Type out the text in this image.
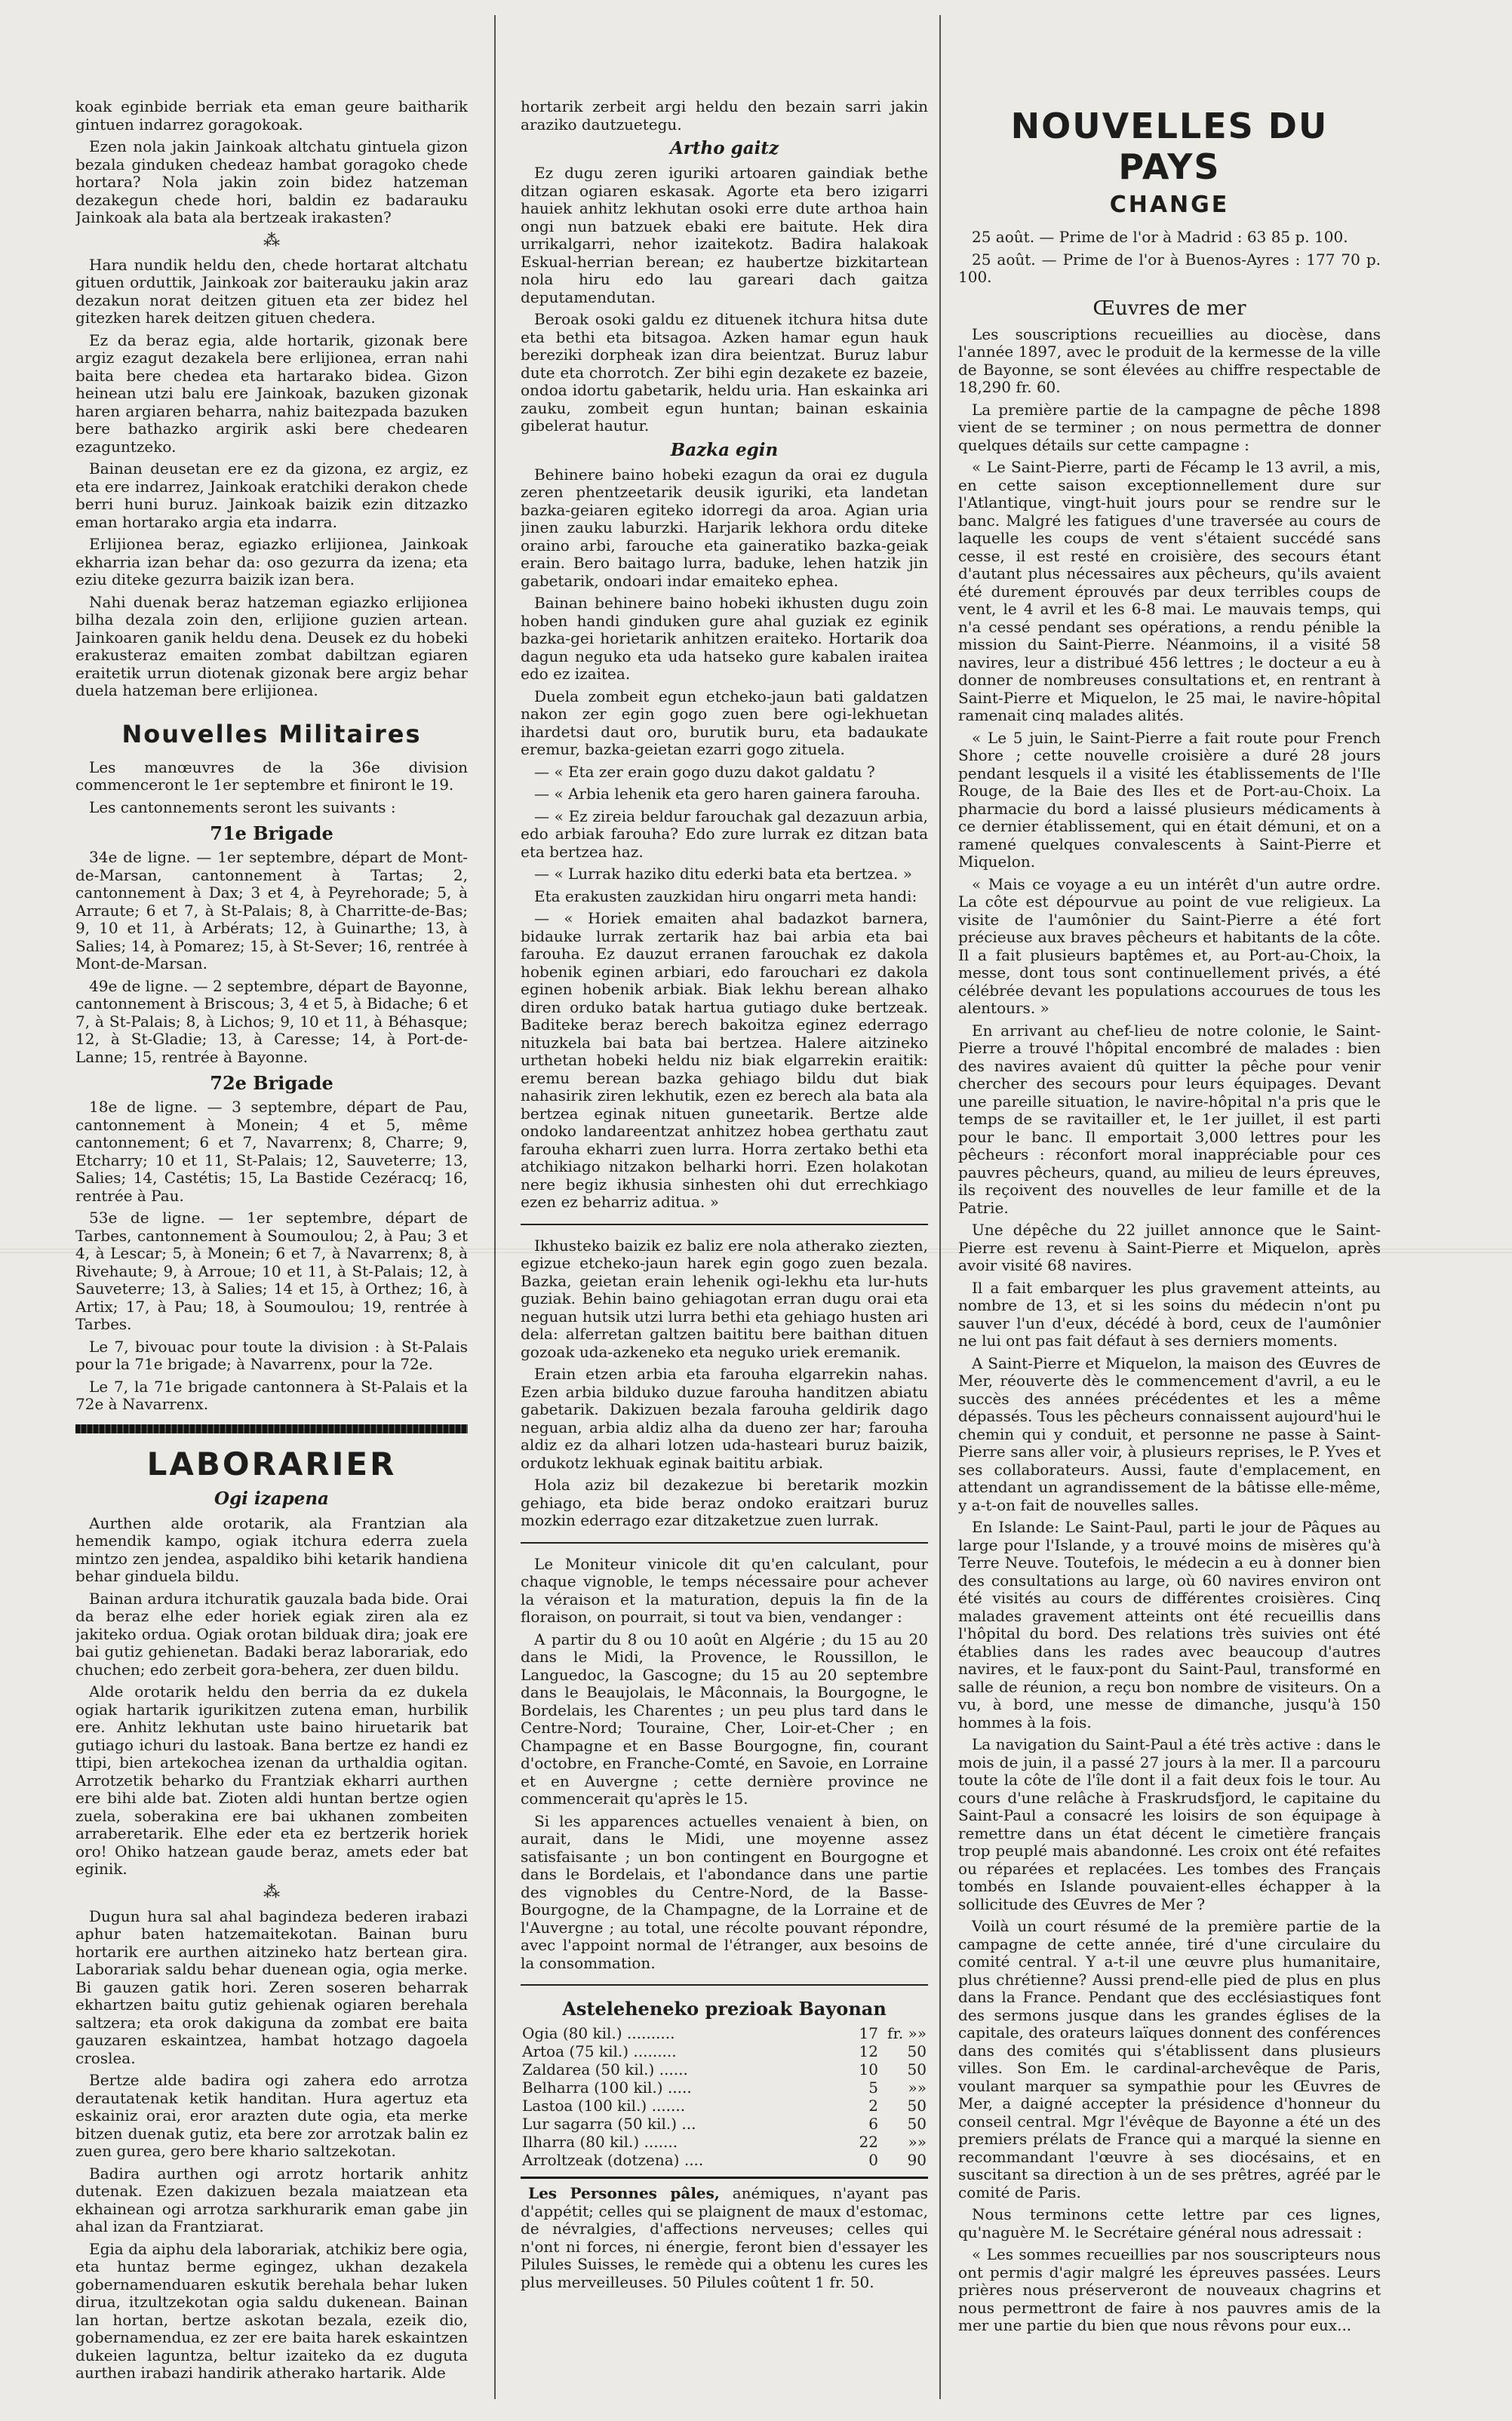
koak eginbide berriak eta eman geure baitharik gintuen indarrez goragokoak.

Ezen nola jakin Jainkoak altchatu gintuela gizon bezala ginduken chedeaz hambat goragoko chede hortara? Nola jakin zoin bidez hatzeman dezakegun chede hori, baldin ez badarauku Jainkoak ala bata ala bertzeak irakasten?

⁂

Hara nundik heldu den, chede hortarat altchatu gituen orduttik, Jainkoak zor baiterauku jakin araz dezakun norat deitzen gituen eta zer bidez hel gitezken harek deitzen gituen chedera.

Ez da beraz egia, alde hortarik, gizonak bere argiz ezagut dezakela bere erlijionea, erran nahi baita bere chedea eta hartarako bidea. Gizon heinean utzi balu ere Jainkoak, bazuken gizonak haren argiaren beharra, nahiz baitezpada bazuken bere bathazko argirik aski bere chedearen ezaguntzeko.

Bainan deusetan ere ez da gizona, ez argiz, ez eta ere indarrez, Jainkoak eratchiki derakon chede berri huni buruz. Jainkoak baizik ezin ditzazko eman hortarako argia eta indarra.

Erlijionea beraz, egiazko erlijionea, Jainkoak ekharria izan behar da: oso gezurra da izena; eta eziu diteke gezurra baizik izan bera.

Nahi duenak beraz hatzeman egiazko erlijionea bilha dezala zoin den, erlijione guzien artean. Jainkoaren ganik heldu dena. Deusek ez du hobeki erakusteraz emaiten zombat dabiltzan egiaren eraitetik urrun diotenak gizonak bere argiz behar duela hatzeman bere erlijionea.

Nouvelles Militaires

Les manœuvres de la 36e division commenceront le 1er septembre et finiront le 19.

Les cantonnements seront les suivants :

71e Brigade

34e de ligne. — 1er septembre, départ de Mont-de-Marsan, cantonnement à Tartas; 2, cantonnement à Dax; 3 et 4, à Peyrehorade; 5, à Arraute; 6 et 7, à St-Palais; 8, à Charritte-de-Bas; 9, 10 et 11, à Arbérats; 12, à Guinarthe; 13, à Salies; 14, à Pomarez; 15, à St-Sever; 16, rentrée à Mont-de-Marsan.

49e de ligne. — 2 septembre, départ de Bayonne, cantonnement à Briscous; 3, 4 et 5, à Bidache; 6 et 7, à St-Palais; 8, à Lichos; 9, 10 et 11, à Béhasque; 12, à St-Gladie; 13, à Caresse; 14, à Port-de-Lanne; 15, rentrée à Bayonne.

72e Brigade

18e de ligne. — 3 septembre, départ de Pau, cantonnement à Monein; 4 et 5, même cantonnement; 6 et 7, Navarrenx; 8, Charre; 9, Etcharry; 10 et 11, St-Palais; 12, Sauveterre; 13, Salies; 14, Castétis; 15, La Bastide Cezéracq; 16, rentrée à Pau.

53e de ligne. — 1er septembre, départ de Tarbes, cantonnement à Soumoulou; 2, à Pau; 3 et 4, à Lescar; 5, à Monein; 6 et 7, à Navarrenx; 8, à Rivehaute; 9, à Arroue; 10 et 11, à St-Palais; 12, à Sauveterre; 13, à Salies; 14 et 15, à Orthez; 16, à Artix; 17, à Pau; 18, à Soumoulou; 19, rentrée à Tarbes.

Le 7, bivouac pour toute la division : à St-Palais pour la 71e brigade; à Navarrenx, pour la 72e.

Le 7, la 71e brigade cantonnera à St-Palais et la 72e à Navarrenx.

LABORARIER
Ogi izapena

Aurthen alde orotarik, ala Frantzian ala hemendik kampo, ogiak itchura ederra zuela mintzo zen jendea, aspaldiko bihi ketarik handiena behar ginduela bildu.

Bainan ardura itchuratik gauzala bada bide. Orai da beraz elhe eder horiek egiak ziren ala ez jakiteko ordua. Ogiak orotan bilduak dira; joak ere bai gutiz gehienetan. Badaki beraz laborariak, edo chuchen; edo zerbeit gora-behera, zer duen bildu.

Alde orotarik heldu den berria da ez dukela ogiak hartarik igurikitzen zutena eman, hurbilik ere. Anhitz lekhutan uste baino hiruetarik bat gutiago ichuri du lastoak. Bana bertze ez handi ez ttipi, bien artekochea izenan da urthaldia ogitan. Arrotzetik beharko du Frantziak ekharri aurthen ere bihi alde bat. Zioten aldi huntan bertze ogien zuela, soberakina ere bai ukhanen zombeiten arraberetarik. Elhe eder eta ez bertzerik horiek oro! Ohiko hatzean gaude beraz, amets eder bat eginik.

⁂

Dugun hura sal ahal bagindeza bederen irabazi aphur baten hatzemaitekotan. Bainan buru hortarik ere aurthen aitzineko hatz bertean gira. Laborariak saldu behar duenean ogia, ogia merke. Bi gauzen gatik hori. Zeren soseren beharrak ekhartzen baitu gutiz gehienak ogiaren berehala saltzera; eta orok dakiguna da zombat ere baita gauzaren eskaintzea, hambat hotzago dagoela croslea.

Bertze alde badira ogi zahera edo arrotza derautatenak ketik handitan. Hura agertuz eta eskainiz orai, eror arazten dute ogia, eta merke bitzen duenak gutiz, eta bere zor arrotzak balin ez zuen gurea, gero bere khario saltzekotan.

Badira aurthen ogi arrotz hortarik anhitz dutenak. Ezen dakizuen bezala maiatzean eta ekhainean ogi arrotza sarkhurarik eman gabe jin ahal izan da Frantziarat.

Egia da aiphu dela laborariak, atchikiz bere ogia, eta huntaz berme egingez, ukhan dezakela gobernamenduaren eskutik berehala behar luken dirua, itzultzekotan ogia saldu dukenean. Bainan lan hortan, bertze askotan bezala, ezeik dio, gobernamendua, ez zer ere baita harek eskaintzen dukeien laguntza, beltur izaiteko da ez duguta aurthen irabazi handirik atherako hartarik. Alde

hortarik zerbeit argi heldu den bezain sarri jakin araziko dautzuetegu.

Artho gaitz

Ez dugu zeren iguriki artoaren gaindiak bethe ditzan ogiaren eskasak. Agorte eta bero izigarri hauiek anhitz lekhutan osoki erre dute arthoa hain ongi nun batzuek ebaki ere baitute. Hek dira urrikalgarri, nehor izaitekotz. Badira halakoak Eskual-herrian berean; ez haubertze bizkitartean nola hiru edo lau gareari dach gaitza deputamendutan.

Beroak osoki galdu ez dituenek itchura hitsa dute eta bethi eta bitsagoa. Azken hamar egun hauk bereziki dorpheak izan dira beientzat. Buruz labur dute eta chorrotch. Zer bihi egin dezakete ez bazeie, ondoa idortu gabetarik, heldu uria. Han eskainka ari zauku, zombeit egun huntan; bainan eskainia gibelerat hautur.

Bazka egin

Behinere baino hobeki ezagun da orai ez dugula zeren phentzeetarik deusik iguriki, eta landetan bazka-geiaren egiteko idorregi da aroa. Agian uria jinen zauku laburzki. Harjarik lekhora ordu diteke oraino arbi, farouche eta gaineratiko bazka-geiak erain. Bero baitago lurra, baduke, lehen hatzik jin gabetarik, ondoari indar emaiteko ephea.

Bainan behinere baino hobeki ikhusten dugu zoin hoben handi ginduken gure ahal guziak ez eginik bazka-gei horietarik anhitzen eraiteko. Hortarik doa dagun neguko eta uda hatseko gure kabalen iraitea edo ez izaitea.

Duela zombeit egun etcheko-jaun bati galdatzen nakon zer egin gogo zuen bere ogi-lekhuetan ihardetsi daut oro, burutik buru, eta badaukate eremur, bazka-geietan ezarri gogo zituela.

— « Eta zer erain gogo duzu dakot galdatu ?

— « Arbia lehenik eta gero haren gainera farouha.

— « Ez zireia beldur farouchak gal dezazuun arbia, edo arbiak farouha? Edo zure lurrak ez ditzan bata eta bertzea haz.

— « Lurrak haziko ditu ederki bata eta bertzea. »

Eta erakusten zauzkidan hiru ongarri meta handi:

— « Horiek emaiten ahal badazkot barnera, bidauke lurrak zertarik haz bai arbia eta bai farouha. Ez dauzut erranen farouchak ez dakola hobenik eginen arbiari, edo farouchari ez dakola eginen hobenik arbiak. Biak lekhu berean alhako diren orduko batak hartua gutiago duke bertzeak. Baditeke beraz berech bakoitza eginez ederrago nituzkela bai bata bai bertzea. Halere aitzineko urthetan hobeki heldu niz biak elgarrekin eraitik: eremu berean bazka gehiago bildu dut biak nahasirik ziren lekhutik, ezen ez berech ala bata ala bertzea eginak nituen guneetarik. Bertze alde ondoko landareentzat anhitzez hobea gerthatu zaut farouha ekharri zuen lurra. Horra zertako bethi eta atchikiago nitzakon belharki horri. Ezen holakotan nere begiz ikhusia sinhesten ohi dut errechkiago ezen ez beharriz aditua. »

Ikhusteko baizik ez baliz ere nola atherako ziezten, egizue etcheko-jaun harek egin gogo zuen bezala. Bazka, geietan erain lehenik ogi-lekhu eta lur-huts guziak. Behin baino gehiagotan erran dugu orai eta neguan hutsik utzi lurra bethi eta gehiago husten ari dela: alferretan galtzen baititu bere baithan dituen gozoak uda-azkeneko eta neguko uriek eremanik.

Erain etzen arbia eta farouha elgarrekin nahas. Ezen arbia bilduko duzue farouha handitzen abiatu gabetarik. Dakizuen bezala farouha geldirik dago neguan, arbia aldiz alha da dueno zer har; farouha aldiz ez da alhari lotzen uda-hasteari buruz baizik, ordukotz lekhuak eginak baititu arbiak.

Hola aziz bil dezakezue bi beretarik mozkin gehiago, eta bide beraz ondoko eraitzari buruz mozkin ederrago ezar ditzaketzue zuen lurrak.

Le Moniteur vinicole dit qu'en calculant, pour chaque vignoble, le temps nécessaire pour achever la véraison et la maturation, depuis la fin de la floraison, on pourrait, si tout va bien, vendanger :

A partir du 8 ou 10 août en Algérie ; du 15 au 20 dans le Midi, la Provence, le Roussillon, le Languedoc, la Gascogne; du 15 au 20 septembre dans le Beaujolais, le Mâconnais, la Bourgogne, le Bordelais, les Charentes ; un peu plus tard dans le Centre-Nord; Touraine, Cher, Loir-et-Cher ; en Champagne et en Basse Bourgogne, fin, courant d'octobre, en Franche-Comté, en Savoie, en Lorraine et en Auvergne ; cette dernière province ne commencerait qu'après le 15.

Si les apparences actuelles venaient à bien, on aurait, dans le Midi, une moyenne assez satisfaisante ; un bon contingent en Bourgogne et dans le Bordelais, et l'abondance dans une partie des vignobles du Centre-Nord, de la Basse-Bourgogne, de la Champagne, de la Lorraine et de l'Auvergne ; au total, une récolte pouvant répondre, avec l'appoint normal de l'étranger, aux besoins de la consommation.

Asteleheneko prezioak Bayonan
Ogia (80 kil.) ..........	17	fr. »»
Artoa (75 kil.) .........	12	50
Zaldarea (50 kil.) ......	10	50
Belharra (100 kil.) .....	5	»»
Lastoa (100 kil.) .......	2	50
Lur sagarra (50 kil.) ...	6	50
Ilharra (80 kil.) .......	22	»»
Arroltzeak (dotzena) ....	0	90

Les Personnes pâles, anémiques, n'ayant pas d'appétit; celles qui se plaignent de maux d'estomac, de névralgies, d'affections nerveuses; celles qui n'ont ni forces, ni énergie, feront bien d'essayer les Pilules Suisses, le remède qui a obtenu les cures les plus merveilleuses. 50 Pilules coûtent 1 fr. 50.

NOUVELLES DU PAYS
CHANGE

25 août. — Prime de l'or à Madrid : 63 85 p. 100.

25 août. — Prime de l'or à Buenos-Ayres : 177 70 p. 100.

Œuvres de mer

Les souscriptions recueillies au diocèse, dans l'année 1897, avec le produit de la kermesse de la ville de Bayonne, se sont élevées au chiffre respectable de 18,290 fr. 60.

La première partie de la campagne de pêche 1898 vient de se terminer ; on nous permettra de donner quelques détails sur cette campagne :

« Le Saint-Pierre, parti de Fécamp le 13 avril, a mis, en cette saison exceptionnellement dure sur l'Atlantique, vingt-huit jours pour se rendre sur le banc. Malgré les fatigues d'une traversée au cours de laquelle les coups de vent s'étaient succédé sans cesse, il est resté en croisière, des secours étant d'autant plus nécessaires aux pêcheurs, qu'ils avaient été durement éprouvés par deux terribles coups de vent, le 4 avril et les 6-8 mai. Le mauvais temps, qui n'a cessé pendant ses opérations, a rendu pénible la mission du Saint-Pierre. Néanmoins, il a visité 58 navires, leur a distribué 456 lettres ; le docteur a eu à donner de nombreuses consultations et, en rentrant à Saint-Pierre et Miquelon, le 25 mai, le navire-hôpital ramenait cinq malades alités.

« Le 5 juin, le Saint-Pierre a fait route pour French Shore ; cette nouvelle croisière a duré 28 jours pendant lesquels il a visité les établissements de l'Ile Rouge, de la Baie des Iles et de Port-au-Choix. La pharmacie du bord a laissé plusieurs médicaments à ce dernier établissement, qui en était démuni, et on a ramené quelques convalescents à Saint-Pierre et Miquelon.

« Mais ce voyage a eu un intérêt d'un autre ordre. La côte est dépourvue au point de vue religieux. La visite de l'aumônier du Saint-Pierre a été fort précieuse aux braves pêcheurs et habitants de la côte. Il a fait plusieurs baptêmes et, au Port-au-Choix, la messe, dont tous sont continuellement privés, a été célébrée devant les populations accourues de tous les alentours. »

En arrivant au chef-lieu de notre colonie, le Saint-Pierre a trouvé l'hôpital encombré de malades : bien des navires avaient dû quitter la pêche pour venir chercher des secours pour leurs équipages. Devant une pareille situation, le navire-hôpital n'a pris que le temps de se ravitailler et, le 1er juillet, il est parti pour le banc. Il emportait 3,000 lettres pour les pêcheurs : réconfort moral inappréciable pour ces pauvres pêcheurs, quand, au milieu de leurs épreuves, ils reçoivent des nouvelles de leur famille et de la Patrie.

Une dépêche du 22 juillet annonce que le Saint-Pierre est revenu à Saint-Pierre et Miquelon, après avoir visité 68 navires.

Il a fait embarquer les plus gravement atteints, au nombre de 13, et si les soins du médecin n'ont pu sauver l'un d'eux, décédé à bord, ceux de l'aumônier ne lui ont pas fait défaut à ses derniers moments.

A Saint-Pierre et Miquelon, la maison des Œuvres de Mer, réouverte dès le commencement d'avril, a eu le succès des années précédentes et les a même dépassés. Tous les pêcheurs connaissent aujourd'hui le chemin qui y conduit, et personne ne passe à Saint-Pierre sans aller voir, à plusieurs reprises, le P. Yves et ses collaborateurs. Aussi, faute d'emplacement, en attendant un agrandissement de la bâtisse elle-même, y a-t-on fait de nouvelles salles.

En Islande: Le Saint-Paul, parti le jour de Pâques au large pour l'Islande, y a trouvé moins de misères qu'à Terre Neuve. Toutefois, le médecin a eu à donner bien des consultations au large, où 60 navires environ ont été visités au cours de différentes croisières. Cinq malades gravement atteints ont été recueillis dans l'hôpital du bord. Des relations très suivies ont été établies dans les rades avec beaucoup d'autres navires, et le faux-pont du Saint-Paul, transformé en salle de réunion, a reçu bon nombre de visiteurs. On a vu, à bord, une messe de dimanche, jusqu'à 150 hommes à la fois.

La navigation du Saint-Paul a été très active : dans le mois de juin, il a passé 27 jours à la mer. Il a parcouru toute la côte de l'île dont il a fait deux fois le tour. Au cours d'une relâche à Fraskrudsfjord, le capitaine du Saint-Paul a consacré les loisirs de son équipage à remettre dans un état décent le cimetière français trop peuplé mais abandonné. Les croix ont été refaites ou réparées et replacées. Les tombes des Français tombés en Islande pouvaient-elles échapper à la sollicitude des Œuvres de Mer ?

Voilà un court résumé de la première partie de la campagne de cette année, tiré d'une circulaire du comité central. Y a-t-il une œuvre plus humanitaire, plus chrétienne? Aussi prend-elle pied de plus en plus dans la France. Pendant que des ecclésiastiques font des sermons jusque dans les grandes églises de la capitale, des orateurs laïques donnent des conférences dans des comités qui s'établissent dans plusieurs villes. Son Em. le cardinal-archevêque de Paris, voulant marquer sa sympathie pour les Œuvres de Mer, a daigné accepter la présidence d'honneur du conseil central. Mgr l'évêque de Bayonne a été un des premiers prélats de France qui a marqué la sienne en recommandant l'œuvre à ses diocésains, et en suscitant sa direction à un de ses prêtres, agréé par le comité de Paris.

Nous terminons cette lettre par ces lignes, qu'naguère M. le Secrétaire général nous adressait :

« Les sommes recueillies par nos souscripteurs nous ont permis d'agir malgré les épreuves passées. Leurs prières nous préserveront de nouveaux chagrins et nous permettront de faire à nos pauvres amis de la mer une partie du bien que nous rêvons pour eux...
